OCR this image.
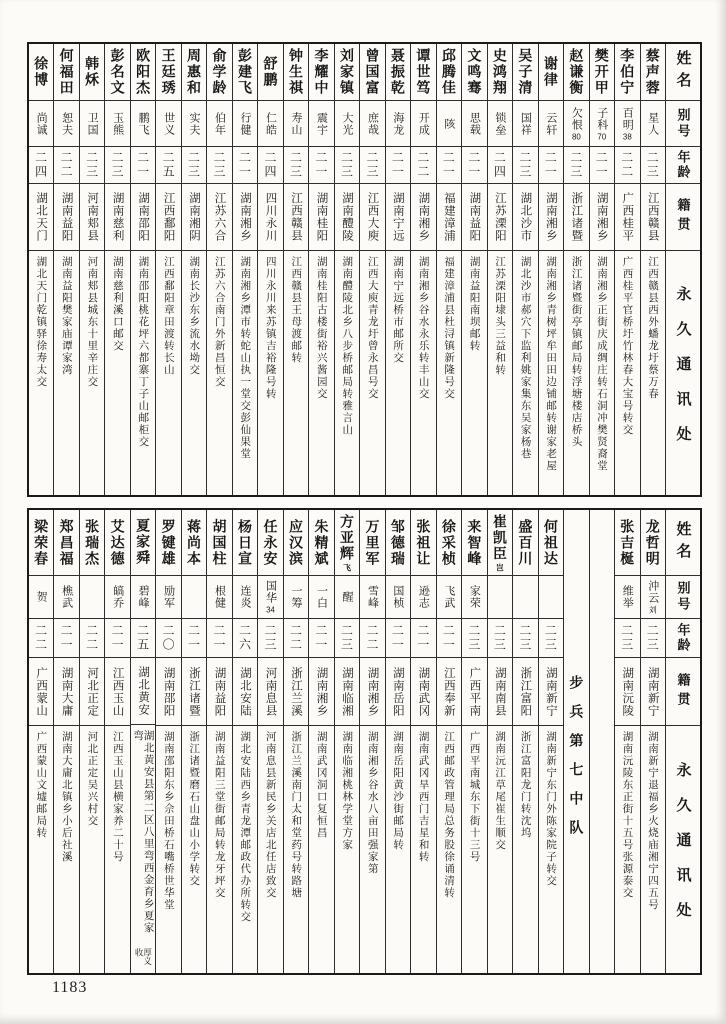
姓名
别号
年龄
籍贯
永久通讯处
蔡声蓉
星人
二三
江西赣县
江西赣县西外蟠龙圩蔡万春
李伯宁
百明
38
二二
广西桂平
广西桂平官桥圩竹林春大宝号转交
樊开甲
子科
70
二一
湖南湘乡
湖南湘乡正街庆成绸庄转石洞冲樊贤裔堂
赵谦衡
欠恨
80
二三
浙江诸暨
浙江诸暨街亭镇邮局转浮塘楼店桥头
谢律
云轩
二一
湖南湘乡
湖南湘乡青树坪牟田田边铺邮转谢家老屋
吴子清
国祥
二三
湖北沙市
湖北沙市郝穴下监利姚家集东吴家杨巷
史鸿翔
锁垒
二四
江苏溧阳
江苏溧阳埭头三益和转
文鸣骞
思载
二一
湖南益阳
湖南益阳南坝邮转
邱腾佳
陔
二一
福建漳浦
福建漳浦县杜浔镇新隆号交
谭世笃
开成
二二
湖南湘乡
湖南湘乡谷水永乐转丰山交
聂振乾
海龙
二一
湖南宁远
湖南宁远桥市邮所交
曾国富
庶哉
二三
江西大庾
江西大庾青龙圩曾永昌号交
刘家镇
大光
二三
湖南醴陵
湖南醴陵北乡八步桥邮局转雅言山
李耀中
震宇
二一
湖南桂阳
湖南桂阳古楼街裕兴酱园交
钟生祺
寿山
二三
江西赣县
江西赣县王母渡邮转
舒鹏
仁皓
二四
四川永川
四川永川来苏镇吉裕隆号转
彭建飞
行健
二一
湖南湘乡
湖南湘乡潭市转蛇山执一堂交彭仙果堂
俞学龄
伯年
二三
江苏六合
江苏六合南门外新昌恒交
周惠和
实夫
二三
湖南湘阴
湖南长沙东乡流水坳交
王廷琇
世义
二五
江西鄱阳
江西鄱阳章田渡转长山
欧阳杰
鹏飞
二一
湖南邵阳
湖南邵阳桃花坪六都寨丁子山邮柜交
彭名文
玉熊
二三
湖南慈利
湖南慈利溪口邮交
韩秌
卫国
二三
河南郏县
河南郏县城东十里辛庄交
何福田
恕夫
二二
湖南益阳
湖南益阳樊家庙谭家湾
徐博
尚诚
二四
湖北天门
湖北天门乾镇驿徐寿太交
姓名
别号
年龄
籍贯
永久通讯处
龙哲明
沖云
刘
二三
湖南新宁
湖南新宁退福乡火烧庙湘宁四五号
张吉梴
维举
二三
湖南沅陵
湖南沅陵东正街十五号张源泰交
步兵第七中队
何祖达
二三
湖南新宁
湖南新宁东门外陈家院子转交
盛百川
二三
浙江富阳
浙江富阳龙门转沈坞
崔凯臣
岂
二三
湖南南县
湖南沅江草尾崔生顺交
来智峰
家荣
二三
广西平南
广西平南城东下街十三号
徐采桢
飞武
二一
江西奉新
江西邮政管理局总务股徐诵清转
张祖让
逊志
二一
湖南武冈
湖南武冈旱西门吉星和转
邹德瑞
国桢
二一
湖南岳阳
湖南岳阳黄沙街邮局转
万里军
雪峰
二二
湖南湘乡
湖南湘乡谷水八亩田强家第
方亚辉
飞
醒
二三
湖南临湘
湖南临湘桃林学堂方家
朱精斌
一白
二一
湖南湘乡
湖南武冈洞口复恒昌
应汉滨
一筹
二二
浙江兰溪
浙江兰溪南门太和堂药号转路塘
任永安
国华
34
二三
河南息县
河南息县新民乡关店北任店致交
杨日宣
连炎
二六
湖北安陆
湖北安陆西乡青龙潭邮政代办所转交
胡国柱
根健
二一
湖南益阳
湖南益阳三堂街邮局转龙牙坪交
蒋尚本
二一
浙江诸暨
浙江诸暨磨石山盘山小学转交
罗键雄
励军
二〇
湖南邵阳
湖南邵阳东乡佘田桥石嘴桥世华堂
夏家舜
碧峰
二五
湖北黄安
湖北黄安县第二区八里弯西金育乡夏家弯
厚义收
艾达德
皜乔
二一
江西玉山
江西玉山县横家养二十号
张瑞杰
二二
河北正定
河北正定吴兴村交
郑昌福
樵武
二一
湖南大庸
湖南大庸北镇乡小后社溪
梁荣春
贺
二二
广西蒙山
广西蒙山文墟邮局转
1183
